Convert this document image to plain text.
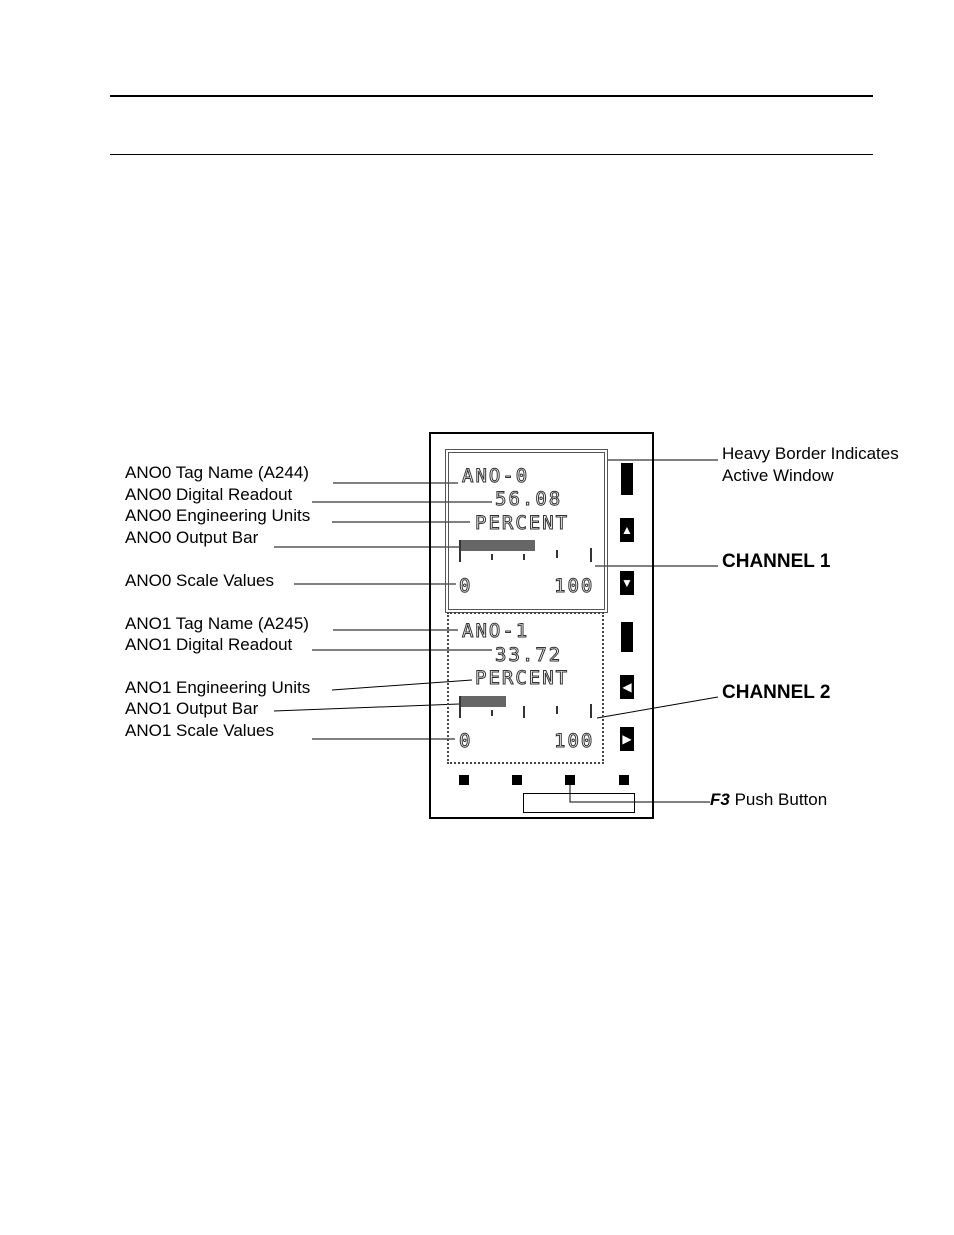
ANO0 Tag Name (A244)
ANO0 Digital Readout
ANO0 Engineering Units
ANO0 Output Bar
ANO0 Scale Values
ANO1 Tag Name (A245)
ANO1 Digital Readout
ANO1 Engineering Units
ANO1 Output Bar
ANO1 Scale Values
Heavy Border Indicates
Active Window
CHANNEL 1
CHANNEL 2
F3 Push Button
ANO-0
56.08
PERCENT
0	100
ANO-1
33.72
PERCENT
0	100
▲
▼
◀
▶
